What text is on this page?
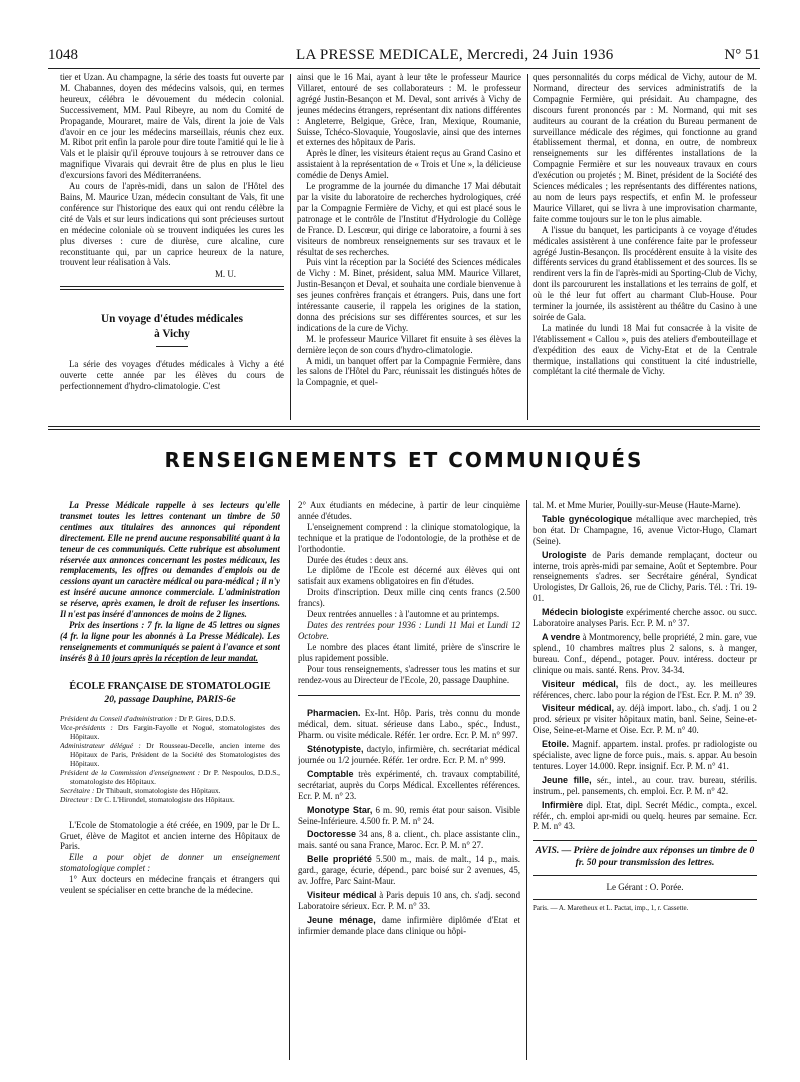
1048	LA PRESSE MEDICALE, Mercredi, 24 Juin 1936	N° 51

tier et Uzan. Au champagne, la série des toasts fut ouverte par M. Chabannes, doyen des médecins valsois, qui, en termes heureux, célébra le dévouement du médecin colonial. Successivement, MM. Paul Ribeyre, au nom du Comité de Propagande, Mouraret, maire de Vals, dirent la joie de Vals d'avoir en ce jour les médecins marseillais, réunis chez eux. M. Ribot prit enfin la parole pour dire toute l'amitié qui le lie à Vals et le plaisir qu'il éprouve toujours à se retrouver dans ce magnifique Vivarais qui devrait être de plus en plus le lieu d'excursions favori des Méditerranéens.

Au cours de l'après-midi, dans un salon de l'Hôtel des Bains, M. Maurice Uzan, médecin consultant de Vals, fit une conférence sur l'historique des eaux qui ont rendu célèbre la cité de Vals et sur leurs indications qui sont précieuses surtout en médecine coloniale où se trouvent indiquées les cures les plus diverses : cure de diurèse, cure alcaline, cure reconstituante qui, par un caprice heureux de la nature, trouvent leur réalisation à Vals.

M. U.
Un voyage d'études médicales
à Vichy

La série des voyages d'études médicales à Vichy a été ouverte cette année par les élèves du cours de perfectionnement d'hydro-climatologie. C'est

ainsi que le 16 Mai, ayant à leur tête le professeur Maurice Villaret, entouré de ses collaborateurs : M. le professeur agrégé Justin-Besançon et M. Deval, sont arrivés à Vichy de jeunes médecins étrangers, représentant dix nations différentes : Angleterre, Belgique, Grèce, Iran, Mexique, Roumanie, Suisse, Tchéco-Slovaquie, Yougoslavie, ainsi que des internes et externes des hôpitaux de Paris.

Après le dîner, les visiteurs étaient reçus au Grand Casino et assistaient à la représentation de « Trois et Une », la délicieuse comédie de Denys Amiel.

Le programme de la journée du dimanche 17 Mai débutait par la visite du laboratoire de recherches hydrologiques, créé par la Compagnie Fermière de Vichy, et qui est placé sous le patronage et le contrôle de l'Institut d'Hydrologie du Collège de France. D. Lescœur, qui dirige ce laboratoire, a fourni à ses visiteurs de nombreux renseignements sur ses travaux et le résultat de ses recherches.

Puis vint la réception par la Société des Sciences médicales de Vichy : M. Binet, président, salua MM. Maurice Villaret, Justin-Besançon et Deval, et souhaita une cordiale bienvenue à ses jeunes confrères français et étrangers. Puis, dans une fort intéressante causerie, il rappela les origines de la station, donna des précisions sur ses différentes sources, et sur les indications de la cure de Vichy.

M. le professeur Maurice Villaret fit ensuite à ses élèves la dernière leçon de son cours d'hydro-climatologie.

A midi, un banquet offert par la Compagnie Fermière, dans les salons de l'Hôtel du Parc, réunissait les distingués hôtes de la Compagnie, et quel-

ques personnalités du corps médical de Vichy, autour de M. Normand, directeur des services administratifs de la Compagnie Fermière, qui présidait. Au champagne, des discours furent prononcés par : M. Normand, qui mit ses auditeurs au courant de la création du Bureau permanent de surveillance médicale des régimes, qui fonctionne au grand établissement thermal, et donna, en outre, de nombreux renseignements sur les différentes installations de la Compagnie Fermière et sur les nouveaux travaux en cours d'exécution ou projetés ; M. Binet, président de la Société des Sciences médicales ; les représentants des différentes nations, au nom de leurs pays respectifs, et enfin M. le professeur Maurice Villaret, qui se livra à une improvisation charmante, faite comme toujours sur le ton le plus aimable.

A l'issue du banquet, les participants à ce voyage d'études médicales assistèrent à une conférence faite par le professeur agrégé Justin-Besançon. Ils procédèrent ensuite à la visite des différents services du grand établissement et des sources. Ils se rendirent vers la fin de l'après-midi au Sporting-Club de Vichy, dont ils parcoururent les installations et les terrains de golf, et où le thé leur fut offert au charmant Club-House. Pour terminer la journée, ils assistèrent au théâtre du Casino à une soirée de Gala.

La matinée du lundi 18 Mai fut consacrée à la visite de l'établissement « Callou », puis des ateliers d'embouteillage et d'expédition des eaux de Vichy-Etat et de la Centrale thermique, installations qui constituent la cité industrielle, complétant la cité thermale de Vichy.

RENSEIGNEMENTS ET COMMUNIQUÉS

La Presse Médicale rappelle à ses lecteurs qu'elle transmet toutes les lettres contenant un timbre de 50 centimes aux titulaires des annonces qui répondent directement. Elle ne prend aucune responsabilité quant à la teneur de ces communiqués. Cette rubrique est absolument réservée aux annonces concernant les postes médicaux, les remplacements, les offres ou demandes d'emplois ou de cessions ayant un caractère médical ou para-médical ; il n'y est inséré aucune annonce commerciale. L'administration se réserve, après examen, le droit de refuser les insertions. Il n'est pas inséré d'annonces de moins de 2 lignes.

Prix des insertions : 7 fr. la ligne de 45 lettres ou signes (4 fr. la ligne pour les abonnés à La Presse Médicale). Les renseignements et communiqués se paient à l'avance et sont insérés 8 à 10 jours après la réception de leur mandat.

ÉCOLE FRANÇAISE DE STOMATOLOGIE
20, passage Dauphine, PARIS-6e

Président du Conseil d'administration : Dr P. Gires, D.D.S.

Vice-présidents : Drs Fargin-Fayolle et Nogué, stomatologistes des Hôpitaux.

Administrateur délégué : Dr Rousseau-Decelle, ancien interne des Hôpitaux de Paris, Président de la Société des Stomatologistes des Hôpitaux.

Président de la Commission d'enseignement : Dr P. Nespoulos, D.D.S., stomatologiste des Hôpitaux.

Secrétaire : Dr Thibault, stomatologiste des Hôpitaux.

Directeur : Dr C. L'Hirondel, stomatologiste des Hôpitaux.

L'Ecole de Stomatologie a été créée, en 1909, par le Dr L. Gruet, élève de Magitot et ancien interne des Hôpitaux de Paris.

Elle a pour objet de donner un enseignement stomatologique complet :

1° Aux docteurs en médecine français et étrangers qui veulent se spécialiser en cette branche de la médecine.

2° Aux étudiants en médecine, à partir de leur cinquième année d'études.

L'enseignement comprend : la clinique stomatologique, la technique et la pratique de l'odontologie, de la prothèse et de l'orthodontie.

Durée des études : deux ans.

Le diplôme de l'Ecole est décerné aux élèves qui ont satisfait aux examens obligatoires en fin d'études.

Droits d'inscription. Deux mille cinq cents francs (2.500 francs).

Deux rentrées annuelles : à l'automne et au printemps.

Dates des rentrées pour 1936 : Lundi 11 Mai et Lundi 12 Octobre.

Le nombre des places étant limité, prière de s'inscrire le plus rapidement possible.

Pour tous renseignements, s'adresser tous les matins et sur rendez-vous au Directeur de l'Ecole, 20, passage Dauphine.

Pharmacien. Ex-Int. Hôp. Paris, très connu du monde médical, dem. situat. sérieuse dans Labo., spéc., Indust., Pharm. ou visite médicale. Référ. 1er ordre. Ecr. P. M. n° 997.

Sténotypiste, dactylo, infirmière, ch. secrétariat médical journée ou 1/2 journée. Référ. 1er ordre. Ecr. P. M. n° 999.

Comptable très expérimenté, ch. travaux comptabilité, secrétariat, auprès du Corps Médical. Excellentes références. Ecr. P. M. n° 23.

Monotype Star, 6 m. 90, remis état pour saison. Visible Seine-Inférieure. 4.500 fr. P. M. n° 24.

Doctoresse 34 ans, 8 a. client., ch. place assistante clin., mais. santé ou sana France, Maroc. Ecr. P. M. n° 27.

Belle propriété 5.500 m., mais. de malt., 14 p., mais. gard., garage, écurie, dépend., parc boisé sur 2 avenues, 45, av. Joffre, Parc Saint-Maur.

Visiteur médical à Paris depuis 10 ans, ch. s'adj. second Laboratoire sérieux. Ecr. P. M. n° 33.

Jeune ménage, dame infirmière diplômée d'Etat et infirmier demande place dans clinique ou hôpi-

tal. M. et Mme Murier, Pouilly-sur-Meuse (Haute-Marne).

Table gynécologique métallique avec marchepied, très bon état. Dr Champagne, 16, avenue Victor-Hugo, Clamart (Seine).

Urologiste de Paris demande remplaçant, docteur ou interne, trois après-midi par semaine, Août et Septembre. Pour renseignements s'adres. ser Secrétaire général, Syndicat Urologistes, Dr Gallois, 26, rue de Clichy, Paris. Tél. : Tri. 19-01.

Médecin biologiste expérimenté cherche assoc. ou succ. Laboratoire analyses Paris. Ecr. P. M. n° 37.

A vendre à Montmorency, belle propriété, 2 min. gare, vue splend., 10 chambres maîtres plus 2 salons, s. à manger, bureau. Conf., dépend., potager. Pouv. intéress. docteur pr clinique ou mais. santé. Rens. Prov. 34-34.

Visiteur médical, fils de doct., ay. les meilleures références, cherc. labo pour la région de l'Est. Ecr. P. M. n° 39.

Visiteur médical, ay. déjà import. labo., ch. s'adj. 1 ou 2 prod. sérieux pr visiter hôpitaux matin, banl. Seine, Seine-et-Oise, Seine-et-Marne et Oise. Ecr. P. M. n° 40.

Etoile. Magnif. appartem. instal. profes. pr radiologiste ou spécialiste, avec ligne de force puis., mais. s. appar. Au besoin tentures. Loyer 14.000. Repr. insignif. Ecr. P. M. n° 41.

Jeune fille, sér., intel., au cour. trav. bureau, stérilis. instrum., pel. pansements, ch. emploi. Ecr. P. M. n° 42.

Infirmière dipl. Etat, dipl. Secrét Médic., compta., excel. référ., ch. emploi apr-midi ou quelq. heures par semaine. Ecr. P. M. n° 43.

AVIS. — Prière de joindre aux réponses un timbre de 0 fr. 50 pour transmission des lettres.
Le Gérant : O. Porée.
Paris. — A. Maretheux et L. Pactat, imp., 1, r. Cassette.
